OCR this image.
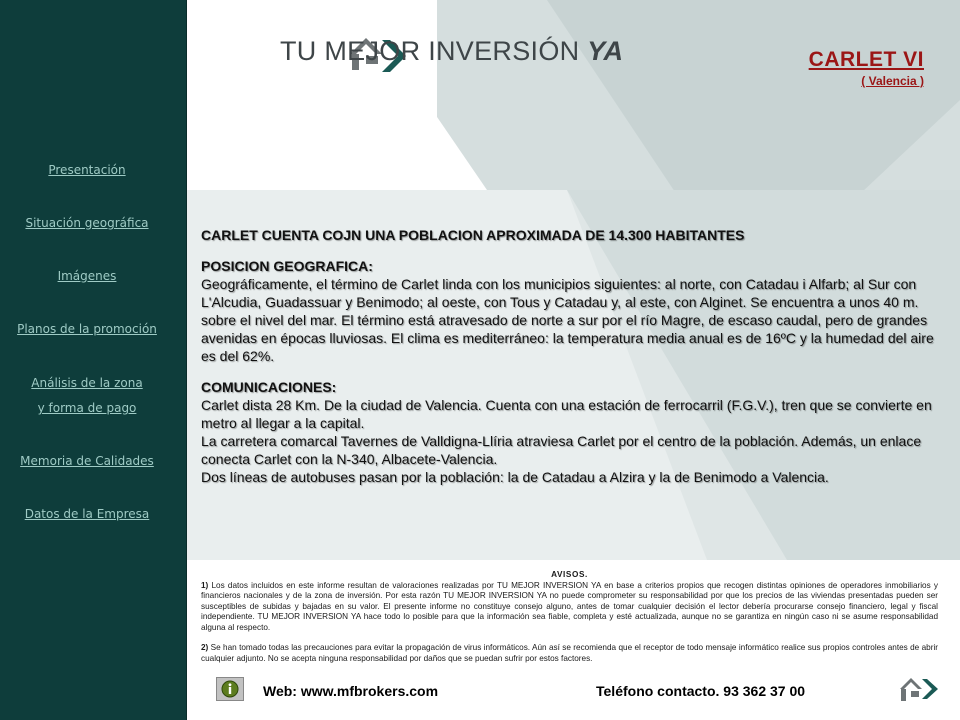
Presentación
Situación geográfica
Imágenes
Planos de la promoción
Análisis de la zona
y forma de pago
Memoria de Calidades
Datos de la Empresa
TU MEJOR INVERSIÓN YA	CARLET VI
( Valencia )

CARLET CUENTA COJN UNA POBLACION APROXIMADA DE 14.300 HABITANTES

POSICION GEOGRAFICA:

Geográficamente, el término de Carlet linda con los municipios siguientes: al norte, con Catadau i Alfarb; al Sur con L'Alcudia, Guadassuar y Benimodo; al oeste, con Tous y Catadau y, al este, con Alginet. Se encuentra a unos 40 m. sobre el nivel del mar. El término está atravesado de norte a sur por el río Magre, de escaso caudal, pero de grandes avenidas en épocas lluviosas. El clima es mediterráneo: la temperatura media anual es de 16ºC y la humedad del aire es del 62%.

COMUNICACIONES:

Carlet dista 28 Km. De la ciudad de Valencia. Cuenta con una estación de ferrocarril (F.G.V.), tren que se convierte en metro al llegar a la capital.

La carretera comarcal Tavernes de Valldigna-Llíria atraviesa Carlet por el centro de la población. Además, un enlace conecta Carlet con la N-340, Albacete-Valencia.

Dos líneas de autobuses pasan por la población: la de Catadau a Alzira y la de Benimodo a Valencia.

AVISOS.

1) Los datos incluidos en este informe resultan de valoraciones realizadas por TU MEJOR INVERSION YA en base a criterios propios que recogen distintas opiniones de operadores inmobiliarios y financieros nacionales y de la zona de inversión. Por esta razón TU MEJOR INVERSION YA no puede comprometer su responsabilidad por que los precios de las viviendas presentadas pueden ser susceptibles de subidas y bajadas en su valor. El presente informe no constituye consejo alguno, antes de tomar cualquier decisión el lector debería procurarse consejo financiero, legal y fiscal independiente. TU MEJOR INVERSION YA hace todo lo posible para que la información sea fiable, completa y esté actualizada, aunque no se garantiza en ningún caso ni se asume responsabilidad alguna al respecto.

2) Se han tomado todas las precauciones para evitar la propagación de virus informáticos. Aún así se recomienda que el receptor de todo mensaje informático realice sus propios controles antes de abrir cualquier adjunto. No se acepta ninguna responsabilidad por daños que se puedan sufrir por estos factores.

Web: www.mfbrokers.com	Teléfono contacto. 93 362 37 00
